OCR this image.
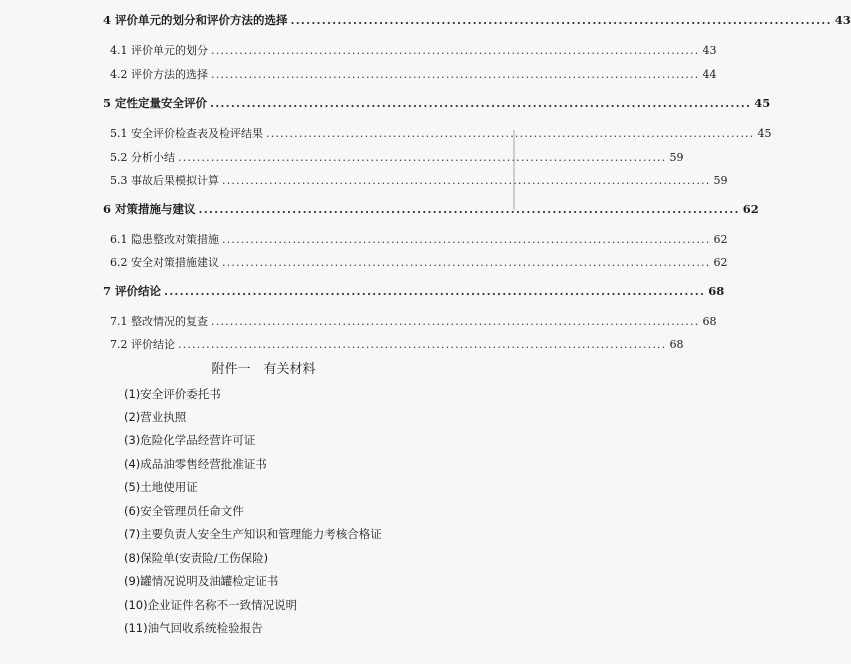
4 评价单元的划分和评价方法的选择 ........................................................................................................ 43
4.1 评价单元的划分 ........................................................................................................ 43
4.2 评价方法的选择 ........................................................................................................ 44
5 定性定量安全评价 ........................................................................................................ 45
5.1 安全评价检查表及检评结果 ........................................................................................................ 45
5.2 分析小结 ........................................................................................................ 59
5.3 事故后果模拟计算 ........................................................................................................ 59
6 对策措施与建议 ........................................................................................................ 62
6.1 隐患整改对策措施 ........................................................................................................ 62
6.2 安全对策措施建议 ........................................................................................................ 62
7 评价结论 ........................................................................................................ 68
7.1 整改情况的复查 ........................................................................................................ 68
7.2 评价结论 ........................................................................................................ 68
附件一　有关材料
(1)安全评价委托书
(2)营业执照
(3)危险化学品经营许可证
(4)成品油零售经营批准证书
(5)土地使用证
(6)安全管理员任命文件
(7)主要负责人安全生产知识和管理能力考核合格证
(8)保险单(安责险/工伤保险)
(9)罐情况说明及油罐检定证书
(10)企业证件名称不一致情况说明
(11)油气回收系统检验报告
